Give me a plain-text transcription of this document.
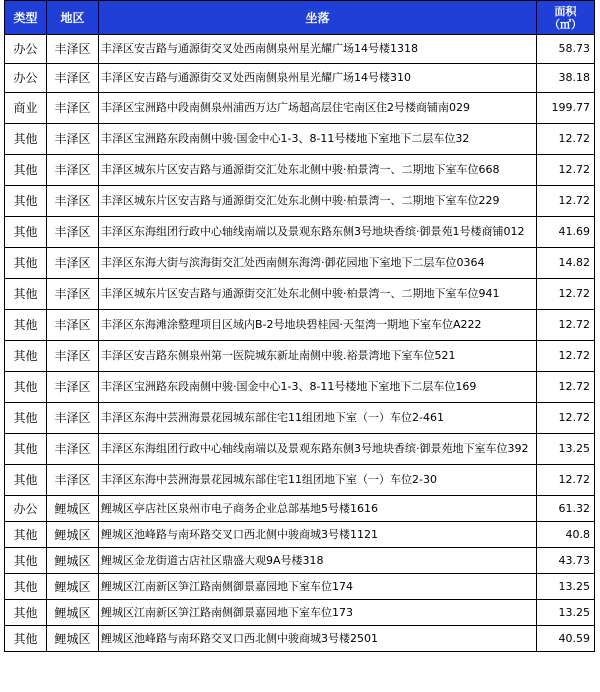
类型	地区	坐落	面积
（㎡）
办公	丰泽区	丰泽区安吉路与通源街交叉处西南侧泉州星光耀广场14号楼1318	58.73
办公	丰泽区	丰泽区安吉路与通源街交叉处西南侧泉州星光耀广场14号楼310	38.18
商业	丰泽区	丰泽区宝洲路中段南侧泉州浦西万达广场超高层住宅南区住2号楼商铺南029	199.77
其他	丰泽区	丰泽区宝洲路东段南侧中骏·国金中心1-3、8-11号楼地下室地下二层车位32	12.72
其他	丰泽区	丰泽区城东片区安吉路与通源街交汇处东北侧中骏·柏景湾一、二期地下室车位668	12.72
其他	丰泽区	丰泽区城东片区安吉路与通源街交汇处东北侧中骏·柏景湾一、二期地下室车位229	12.72
其他	丰泽区	丰泽区东海组团行政中心轴线南端以及景观东路东侧3号地块香缤·御景苑1号楼商铺012	41.69
其他	丰泽区	丰泽区东海大街与滨海街交汇处西南侧东海湾·御花园地下室地下二层车位0364	14.82
其他	丰泽区	丰泽区城东片区安吉路与通源街交汇处东北侧中骏·柏景湾一、二期地下室车位941	12.72
其他	丰泽区	丰泽区东海滩涂整理项目区域内B-2号地块碧桂园·天玺湾一期地下室车位A222	12.72
其他	丰泽区	丰泽区安吉路东侧泉州第一医院城东新址南侧中骏.裕景湾地下室车位521	12.72
其他	丰泽区	丰泽区宝洲路东段南侧中骏·国金中心1-3、8-11号楼地下室地下二层车位169	12.72
其他	丰泽区	丰泽区东海中芸洲海景花园城东部住宅11组团地下室（一）车位2-461	12.72
其他	丰泽区	丰泽区东海组团行政中心轴线南端以及景观东路东侧3号地块香缤·御景苑地下室车位392	13.25
其他	丰泽区	丰泽区东海中芸洲海景花园城东部住宅11组团地下室（一）车位2-30	12.72
办公	鲤城区	鲤城区亭店社区泉州市电子商务企业总部基地5号楼1616	61.32
其他	鲤城区	鲤城区池峰路与南环路交叉口西北侧中骏商城3号楼1121	40.8
其他	鲤城区	鲤城区金龙街道古店社区鼎盛大观9A号楼318	43.73
其他	鲤城区	鲤城区江南新区笋江路南侧御景嘉园地下室车位174	13.25
其他	鲤城区	鲤城区江南新区笋江路南侧御景嘉园地下室车位173	13.25
其他	鲤城区	鲤城区池峰路与南环路交叉口西北侧中骏商城3号楼2501	40.59
